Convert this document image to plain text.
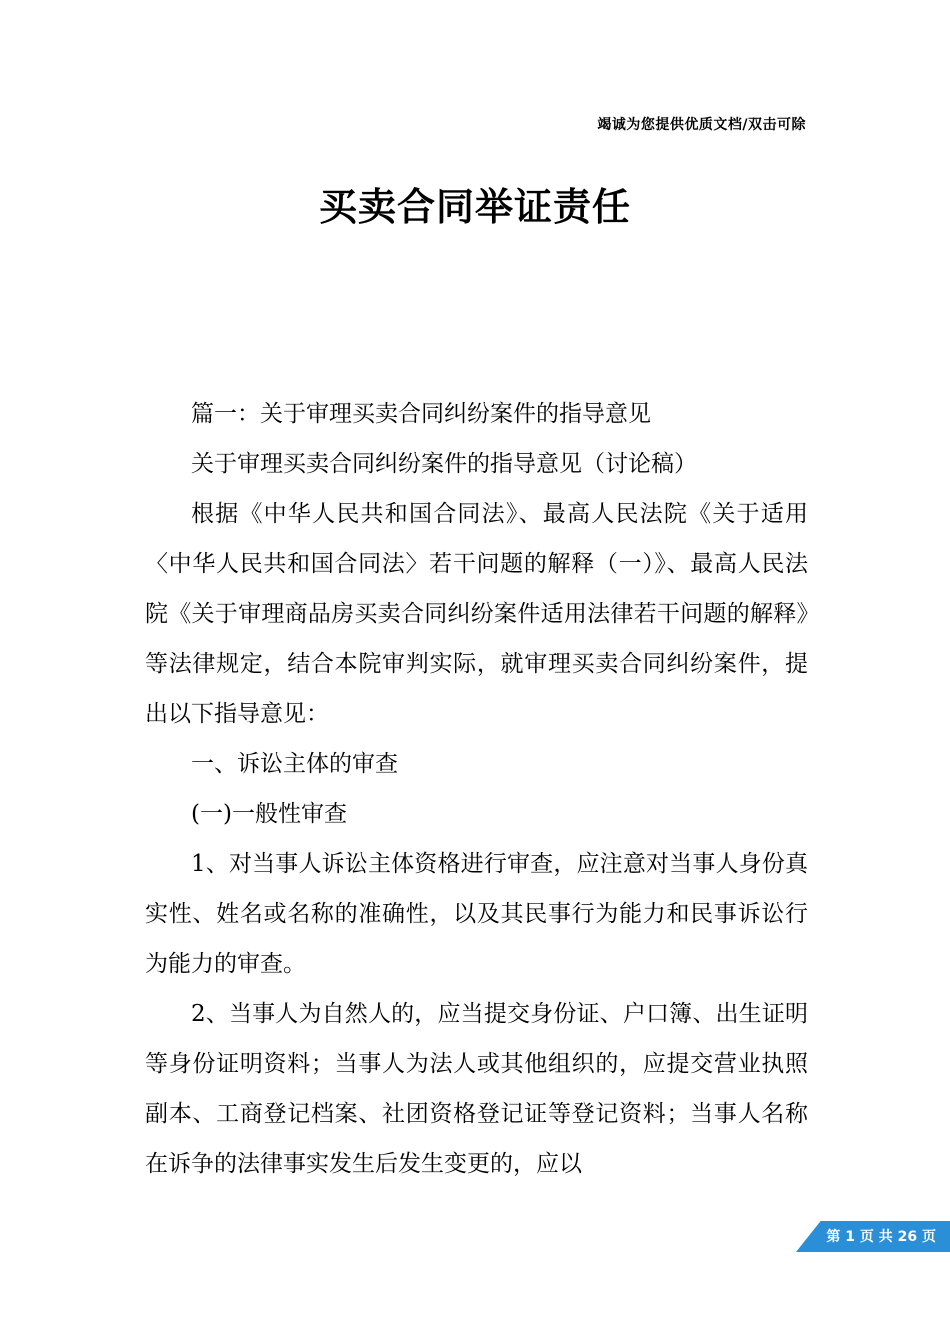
竭诚为您提供优质文档/双击可除
买卖合同举证责任

篇一：关于审理买卖合同纠纷案件的指导意见

关于审理买卖合同纠纷案件的指导意见（讨论稿）

根据《中华人民共和国合同法》、最高人民法院《关于适用〈中华人民共和国合同法〉若干问题的解释（一）》、最高人民法院《关于审理商品房买卖合同纠纷案件适用法律若干问题的解释》等法律规定，结合本院审判实际，就审理买卖合同纠纷案件，提出以下指导意见：

一、诉讼主体的审查

(一)一般性审查

1、对当事人诉讼主体资格进行审查，应注意对当事人身份真实性、姓名或名称的准确性，以及其民事行为能力和民事诉讼行为能力的审查。

2、当事人为自然人的，应当提交身份证、户口簿、出生证明等身份证明资料；当事人为法人或其他组织的，应提交营业执照副本、工商登记档案、社团资格登记证等登记资料；当事人名称在诉争的法律事实发生后发生变更的，应以

第 1 页 共 26 页
